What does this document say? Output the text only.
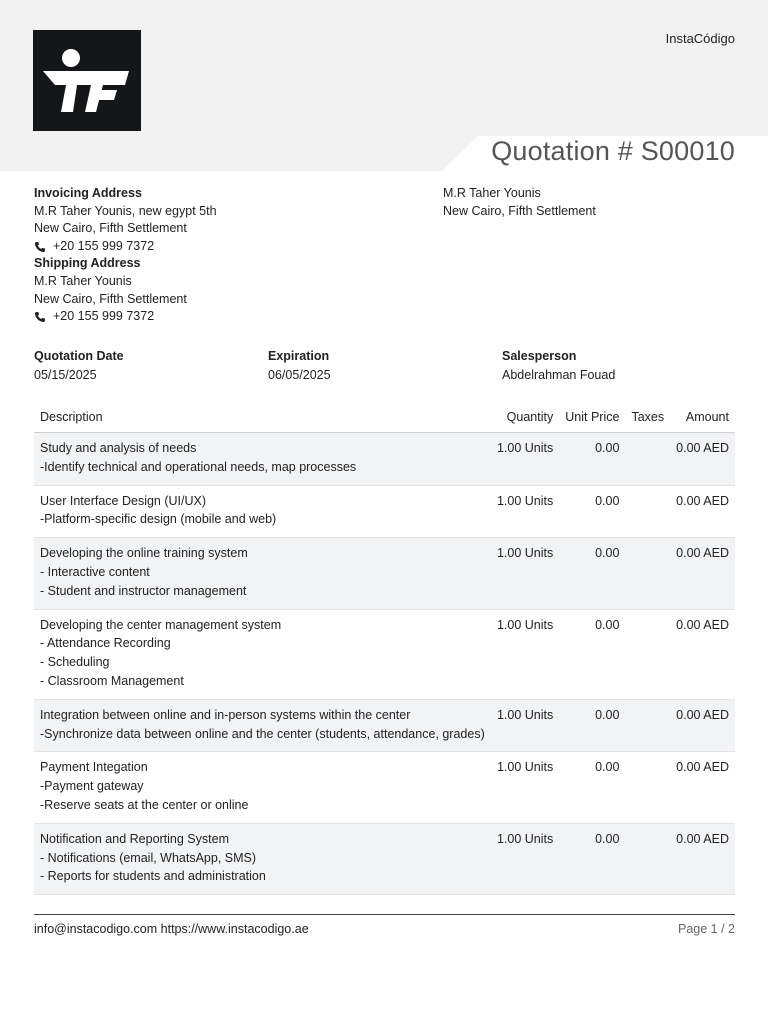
InstaCódigo
Quotation # S00010
Invoicing Address
M.R Taher Younis, new egypt 5th
New Cairo, Fifth Settlement
+20 155 999 7372
Shipping Address
M.R Taher Younis
New Cairo, Fifth Settlement
+20 155 999 7372
M.R Taher Younis
New Cairo, Fifth Settlement
Quotation Date
05/15/2025
Expiration
06/05/2025
Salesperson
Abdelrahman Fouad
Description	Quantity	Unit Price	Taxes	Amount

Study and analysis of needs
-Identify technical and operational needs, map processes	1.00 Units	0.00		0.00 AED

User Interface Design (UI/UX)
-Platform-specific design (mobile and web)	1.00 Units	0.00		0.00 AED

Developing the online training system
- Interactive content
- Student and instructor management	1.00 Units	0.00		0.00 AED

Developing the center management system
- Attendance Recording
- Scheduling
- Classroom Management	1.00 Units	0.00		0.00 AED

Integration between online and in-person systems within the center
-Synchronize data between online and the center (students, attendance, grades)	1.00 Units	0.00		0.00 AED

Payment Integation
-Payment gateway
-Reserve seats at the center or online	1.00 Units	0.00		0.00 AED

Notification and Reporting System
- Notifications (email, WhatsApp, SMS)
- Reports for students and administration	1.00 Units	0.00		0.00 AED
info@instacodigo.com https://www.instacodigo.ae	Page 1 / 2
